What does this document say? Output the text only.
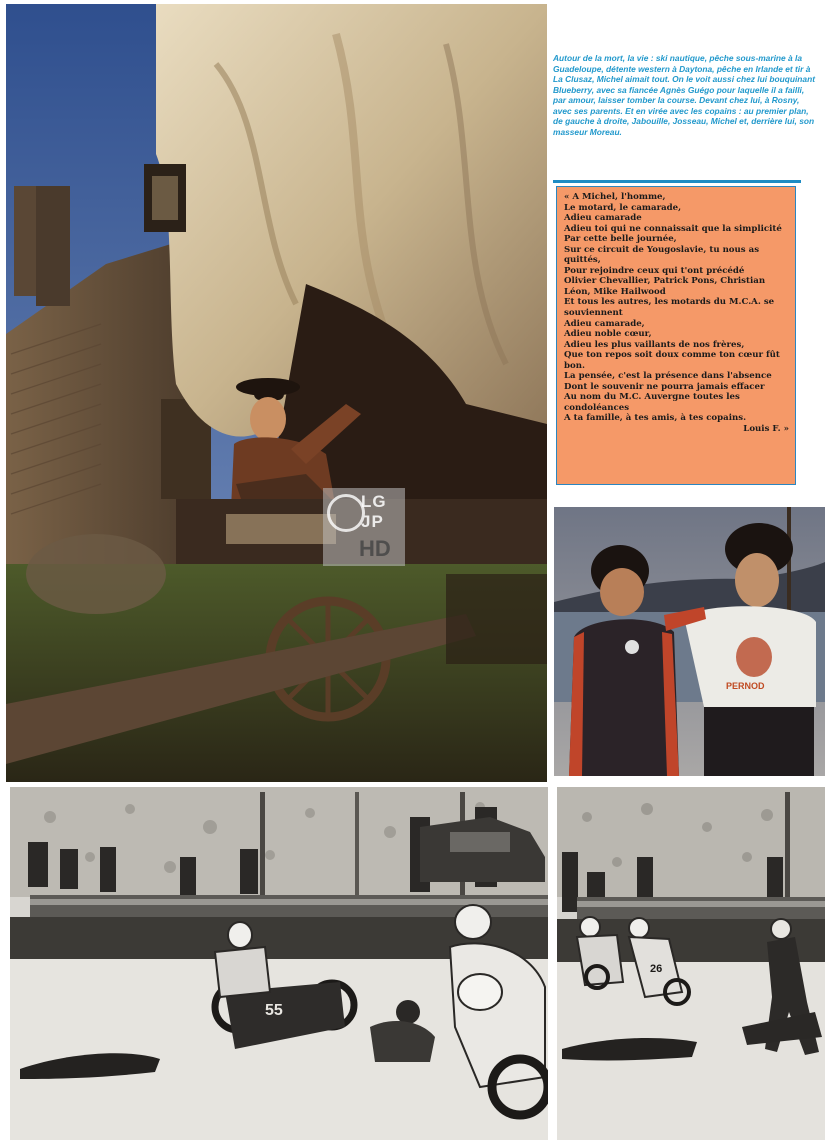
Autour de la mort, la vie : ski nautique, pêche sous-marine à la Guadeloupe, détente western à Daytona, pêche en Irlande et tir à La Clusaz, Michel aimait tout. On le voit aussi chez lui bouquinant Blueberry, avec sa fiancée Agnès Guégo pour laquelle il a failli, par amour, laisser tomber la course. Devant chez lui, à Rosny, avec ses parents. Et en virée avec les copains : au premier plan, de gauche à droite, Jabouille, Josseau, Michel et, derrière lui, son masseur Moreau.
« A Michel, l'homme,
Le motard, le camarade,
Adieu camarade
Adieu toi qui ne connaissait que la simplicité
Par cette belle journée,
Sur ce circuit de Yougoslavie, tu nous as quittés,
Pour rejoindre ceux qui t'ont précédé
Olivier Chevallier, Patrick Pons, Christian Léon, Mike Hailwood
Et tous les autres, les motards du M.C.A. se souviennent
Adieu camarade,
Adieu noble cœur,
Adieu les plus vaillants de nos frères,
Que ton repos soit doux comme ton cœur fût bon.
La pensée, c'est la présence dans l'absence
Dont le souvenir ne pourra jamais effacer
Au nom du M.C. Auvergne toutes les condoléances
A ta famille, à tes amis, à tes copains.
Louis F. »
PERNOD
55
26
LG
JP
HD
